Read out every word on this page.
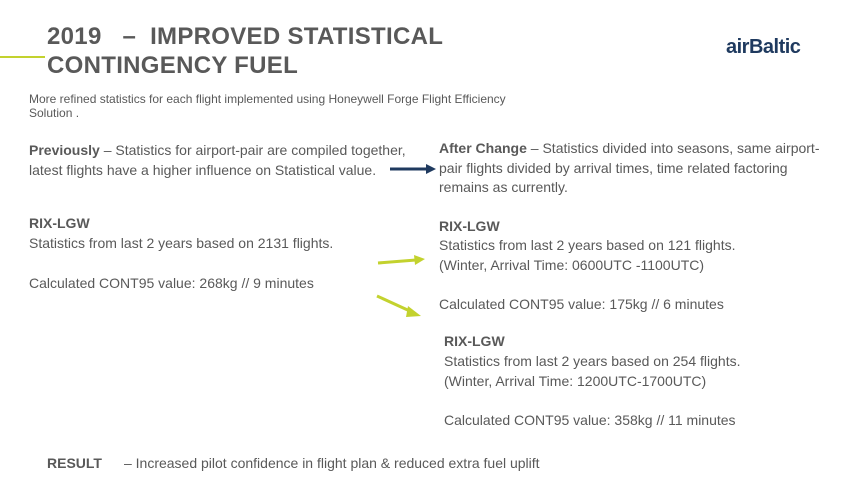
2019   –  IMPROVED STATISTICAL
CONTINGENCY FUEL
airBaltic
More refined statistics for each flight implemented using Honeywell Forge Flight Efficiency Solution .
Previously – Statistics for airport-pair are compiled together, latest flights have a higher influence on Statistical value.
RIX-LGW
Statistics from last 2 years based on 2131 flights.
Calculated CONT95 value: 268kg // 9 minutes
After Change – Statistics divided into seasons, same airport-pair flights divided by arrival times, time related factoring remains as currently.
RIX-LGW
Statistics from last 2 years based on 121 flights.
(Winter, Arrival Time: 0600UTC -1100UTC)
Calculated CONT95 value: 175kg // 6 minutes
RIX-LGW
Statistics from last 2 years based on 254 flights.
(Winter, Arrival Time: 1200UTC-1700UTC)
Calculated CONT95 value: 358kg // 11 minutes
RESULT – Increased pilot confidence in flight plan & reduced extra fuel uplift
